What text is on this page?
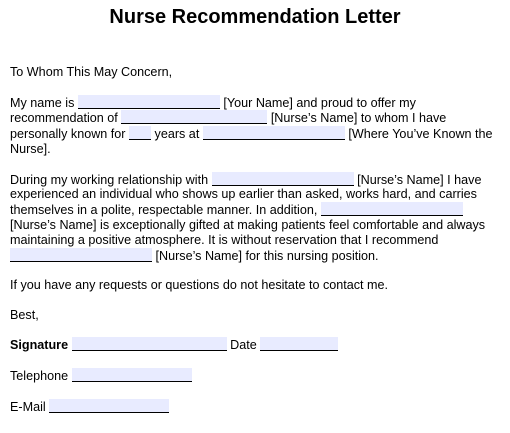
Nurse Recommendation Letter

To Whom This May Concern,

My name is	[Your Name] and proud to offer my recommendation of	[Nurse’s Name] to whom I have personally known for years at	[Where You’ve Known the Nurse].

During my working relationship with	[Nurse’s Name] I have experienced an individual who shows up earlier than asked, works hard, and carries themselves in a polite, respectable manner. In addition,  [Nurse’s Name] is exceptionally gifted at making patients feel comfortable and always maintaining a positive atmosphere. It is without reservation that I recommend  [Nurse’s Name] for this nursing position.

If you have any requests or questions do not hesitate to contact me.

Best,

Signature	Date

Telephone

E-Mail
